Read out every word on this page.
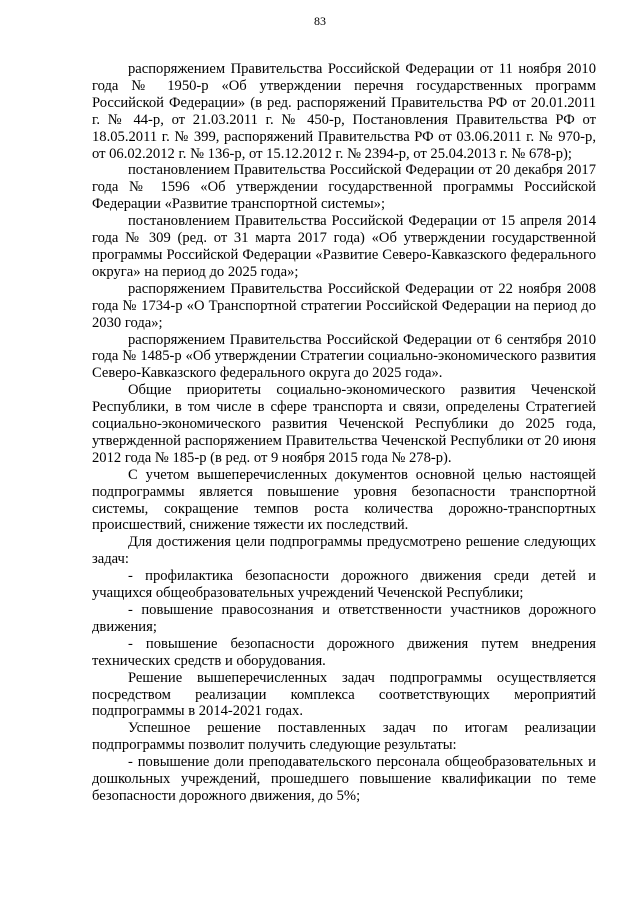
83

распоряжением Правительства Российской Федерации от 11 ноября 2010 года № 1950-р «Об утверждении перечня государственных программ Российской Федерации» (в ред. распоряжений Правительства РФ от 20.01.2011 г. № 44-р, от 21.03.2011 г. № 450-р, Постановления Правительства РФ от 18.05.2011 г. № 399, распоряжений Правительства РФ от 03.06.2011 г. № 970-р, от 06.02.2012 г. № 136-р, от 15.12.2012 г. № 2394-р, от 25.04.2013 г. № 678-р);

постановлением Правительства Российской Федерации от 20 декабря 2017 года № 1596 «Об утверждении государственной программы Российской Федерации «Развитие транспортной системы»;

постановлением Правительства Российской Федерации от 15 апреля 2014 года № 309 (ред. от 31 марта 2017 года) «Об утверждении государственной программы Российской Федерации «Развитие Северо-Кавказского федерального округа» на период до 2025 года»;

распоряжением Правительства Российской Федерации от 22 ноября 2008 года № 1734-р «О Транспортной стратегии Российской Федерации на период до 2030 года»;

распоряжением Правительства Российской Федерации от 6 сентября 2010 года № 1485-р «Об утверждении Стратегии социально-экономического развития Северо-Кавказского федерального округа до 2025 года».

Общие приоритеты социально-экономического развития Чеченской Республики, в том числе в сфере транспорта и связи, определены Стратегией социально-экономического развития Чеченской Республики до 2025 года, утвержденной распоряжением Правительства Чеченской Республики от 20 июня 2012 года № 185-р (в ред. от 9 ноября 2015 года № 278-р).

С учетом вышеперечисленных документов основной целью настоящей подпрограммы является повышение уровня безопасности транспортной системы, сокращение темпов роста количества дорожно-транспортных происшествий, снижение тяжести их последствий.

Для достижения цели подпрограммы предусмотрено решение следующих задач:

- профилактика безопасности дорожного движения среди детей и учащихся общеобразовательных учреждений Чеченской Республики;

- повышение правосознания и ответственности участников дорожного движения;

- повышение безопасности дорожного движения путем внедрения технических средств и оборудования.

Решение вышеперечисленных задач подпрограммы осуществляется посредством реализации комплекса соответствующих мероприятий подпрограммы в 2014-2021 годах.

Успешное решение поставленных задач по итогам реализации подпрограммы позволит получить следующие результаты:

- повышение доли преподавательского персонала общеобразовательных и дошкольных учреждений, прошедшего повышение квалификации по теме безопасности дорожного движения, до 5%;
